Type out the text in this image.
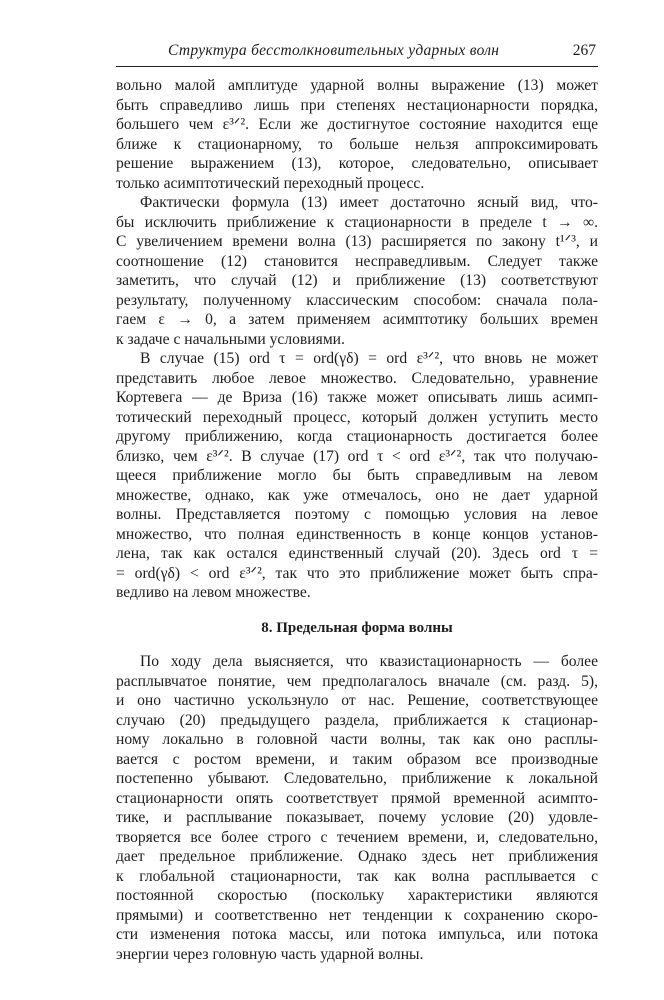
Структура бесстолкновительных ударных волн	267
вольно малой амплитуде ударной волны выражение (13) может
быть справедливо лишь при степенях нестационарности порядка,
большего чем ε³ᐟ². Если же достигнутое состояние находится еще
ближе к стационарному, то больше нельзя аппроксимировать
решение выражением (13), которое, следовательно, описывает
только асимптотический переходный процесс.
Фактически формула (13) имеет достаточно ясный вид, что-
бы исключить приближение к стационарности в пределе t → ∞.
С увеличением времени волна (13) расширяется по закону t¹ᐟ³, и
соотношение (12) становится несправедливым. Следует также
заметить, что случай (12) и приближение (13) соответствуют
результату, полученному классическим способом: сначала пола-
гаем ε → 0, а затем применяем асимптотику больших времен
к задаче с начальными условиями.
В случае (15) ord τ = ord(γδ) = ord ε³ᐟ², что вновь не может
представить любое левое множество. Следовательно, уравнение
Кортевега — де Вриза (16) также может описывать лишь асимп-
тотический переходный процесс, который должен уступить место
другому приближению, когда стационарность достигается более
близко, чем ε³ᐟ². В случае (17) ord τ < ord ε³ᐟ², так что получаю-
щееся приближение могло бы быть справедливым на левом
множестве, однако, как уже отмечалось, оно не дает ударной
волны. Представляется поэтому с помощью условия на левое
множество, что полная единственность в конце концов установ-
лена, так как остался единственный случай (20). Здесь ord τ =
= ord(γδ) < ord ε³ᐟ², так что это приближение может быть спра-
ведливо на левом множестве.
8. Предельная форма волны
По ходу дела выясняется, что квазистационарность — более
расплывчатое понятие, чем предполагалось вначале (см. разд. 5),
и оно частично ускользнуло от нас. Решение, соответствующее
случаю (20) предыдущего раздела, приближается к стационар-
ному локально в головной части волны, так как оно расплы-
вается с ростом времени, и таким образом все производные
постепенно убывают. Следовательно, приближение к локальной
стационарности опять соответствует прямой временной асимпто-
тике, и расплывание показывает, почему условие (20) удовле-
творяется все более строго с течением времени, и, следовательно,
дает предельное приближение. Однако здесь нет приближения
к глобальной стационарности, так как волна расплывается с
постоянной скоростью (поскольку характеристики являются
прямыми) и соответственно нет тенденции к сохранению скоро-
сти изменения потока массы, или потока импульса, или потока
энергии через головную часть ударной волны.
